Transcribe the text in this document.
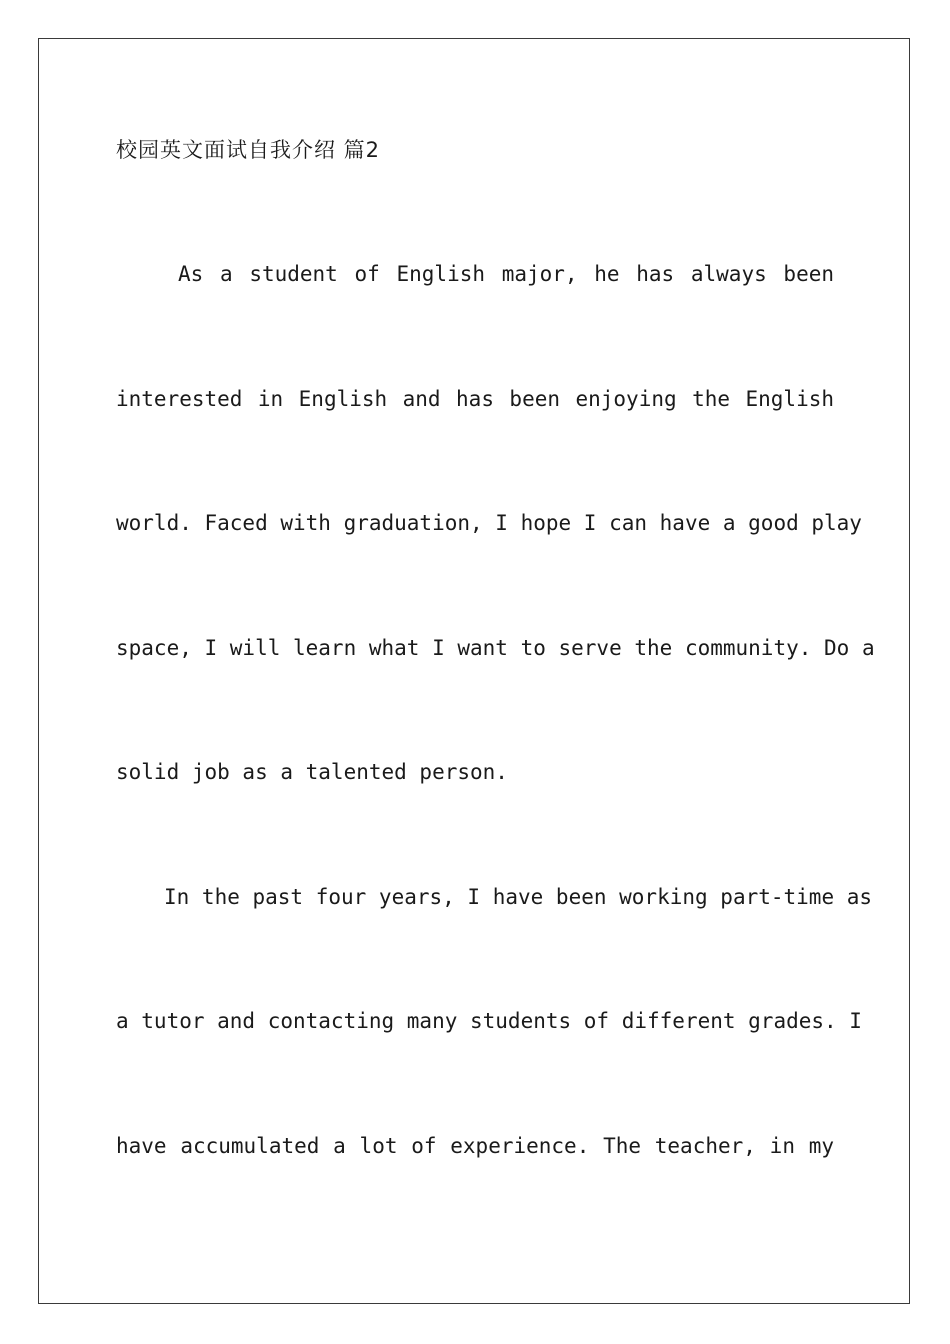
校园英文面试自我介绍 篇2
As a student of English major, he has always been
interested in English and has been enjoying the English
world. Faced with graduation, I hope I can have a good play
space, I will learn what I want to serve the community. Do a
solid job as a talented person.
In the past four years, I have been working part-time as
a tutor and contacting many students of different grades. I
have accumulated a lot of experience. The teacher, in my
